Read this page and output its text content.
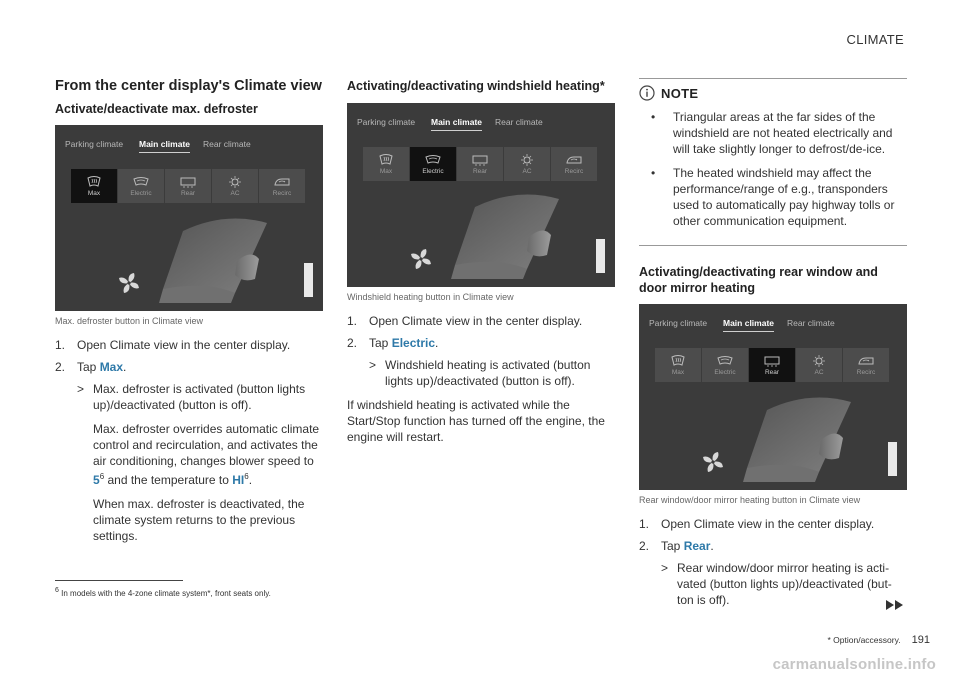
CLIMATE
From the center display's Climate view
Activate/deactivate max. defroster
Parking climate Main climate Rear climate
Max	Electric	Rear	AC	Recirc
Max. defroster button in Climate view
1. Open Climate view in the center display.
2. Tap Max.
> Max. defroster is activated (button lights up)/deactivated (button is off).

Max. defroster overrides automatic climate control and recirculation, and activates the air conditioning, changes blower speed to $5^6$ and the temperature to $HI^6$.

When max. defroster is deactivated, the climate system returns to the previous settings.

Activating/deactivating windshield heating*
Parking climate Main climate Rear climate
Max	Electric	Rear	AC	Recirc
Windshield heating button in Climate view
1. Open Climate view in the center display.
2. Tap Electric.
> Windshield heating is activated (button lights up)/deactivated (button is off).

If windshield heating is activated while the Start/Stop function has turned off the engine, the engine will restart.

NOTE
• Triangular areas at the far sides of the windshield are not heated electrically and will take slightly longer to defrost/de-ice.
• The heated windshield may affect the performance/range of e.g., transponders used to automatically pay highway tolls or other communication equipment.
Activating/deactivating rear window and door mirror heating
Parking climate Main climate Rear climate
Max	Electric	Rear	AC	Recirc
Rear window/door mirror heating button in Climate view
1. Open Climate view in the center display.
2. Tap Rear.
> Rear window/door mirror heating is acti-vated (button lights up)/deactivated (but-ton is off).

$^6$ In models with the 4-zone climate system*, front seats only.
* Option/accessory. 191
carmanualsonline.info
